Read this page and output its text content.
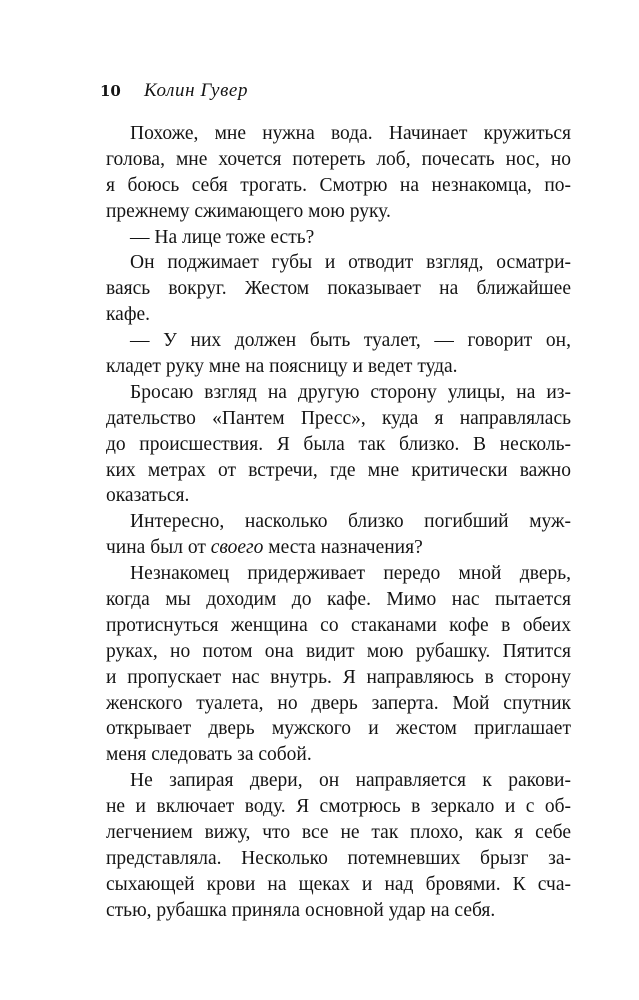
10 Колин Гувер
Похоже, мне нужна вода. Начинает кружиться
голова, мне хочется потереть лоб, почесать нос, но
я боюсь себя трогать. Смотрю на незнакомца, по-
прежнему сжимающего мою руку.
— На лице тоже есть?
Он поджимает губы и отводит взгляд, осматри-
ваясь вокруг. Жестом показывает на ближайшее
кафе.
— У них должен быть туалет, — говорит он,
кладет руку мне на поясницу и ведет туда.
Бросаю взгляд на другую сторону улицы, на из-
дательство «Пантем Пресс», куда я направлялась
до происшествия. Я была так близко. В несколь-
ких метрах от встречи, где мне критически важно
оказаться.
Интересно, насколько близко погибший муж-
чина был от своего места назначения?
Незнакомец придерживает передо мной дверь,
когда мы доходим до кафе. Мимо нас пытается
протиснуться женщина со стаканами кофе в обеих
руках, но потом она видит мою рубашку. Пятится
и пропускает нас внутрь. Я направляюсь в сторону
женского туалета, но дверь заперта. Мой спутник
открывает дверь мужского и жестом приглашает
меня следовать за собой.
Не запирая двери, он направляется к ракови-
не и включает воду. Я смотрюсь в зеркало и с об-
легчением вижу, что все не так плохо, как я себе
представляла. Несколько потемневших брызг за-
сыхающей крови на щеках и над бровями. К сча-
стью, рубашка приняла основной удар на себя.
